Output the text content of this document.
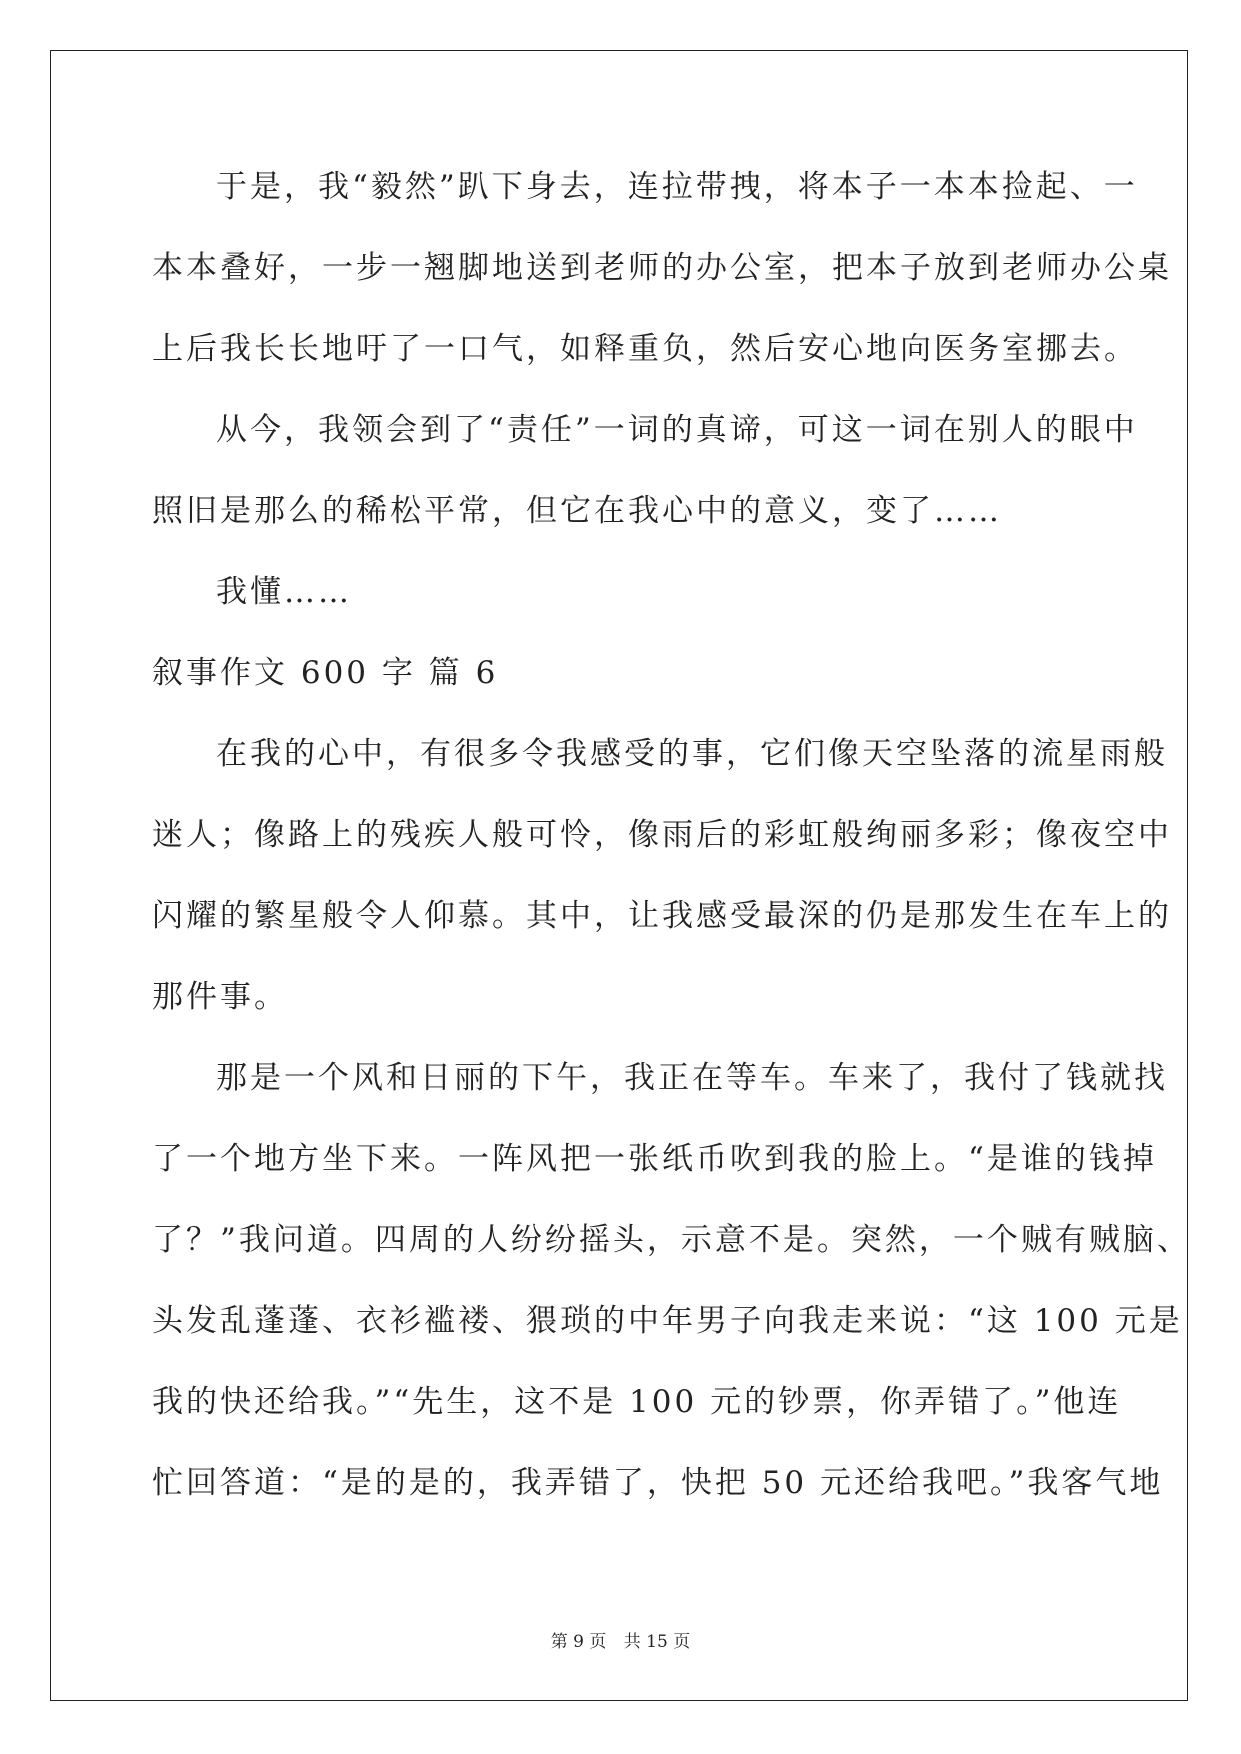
于是，我“毅然”趴下身去，连拉带拽，将本子一本本捡起、一
本本叠好，一步一翘脚地送到老师的办公室，把本子放到老师办公桌
上后我长长地吁了一口气，如释重负，然后安心地向医务室挪去。
从今，我领会到了“责任”一词的真谛，可这一词在别人的眼中
照旧是那么的稀松平常，但它在我心中的意义，变了……
我懂……
叙事作文 600 字 篇 6
在我的心中，有很多令我感受的事，它们像天空坠落的流星雨般
迷人；像路上的残疾人般可怜，像雨后的彩虹般绚丽多彩；像夜空中
闪耀的繁星般令人仰慕。其中，让我感受最深的仍是那发生在车上的
那件事。
那是一个风和日丽的下午，我正在等车。车来了，我付了钱就找
了一个地方坐下来。一阵风把一张纸币吹到我的脸上。“是谁的钱掉
了？”我问道。四周的人纷纷摇头，示意不是。突然，一个贼有贼脑、
头发乱蓬蓬、衣衫褴褛、猥琐的中年男子向我走来说：“这 100 元是
我的快还给我。”“先生，这不是 100 元的钞票，你弄错了。”他连
忙回答道：“是的是的，我弄错了，快把 50 元还给我吧。”我客气地
第 9 页 共 15 页
